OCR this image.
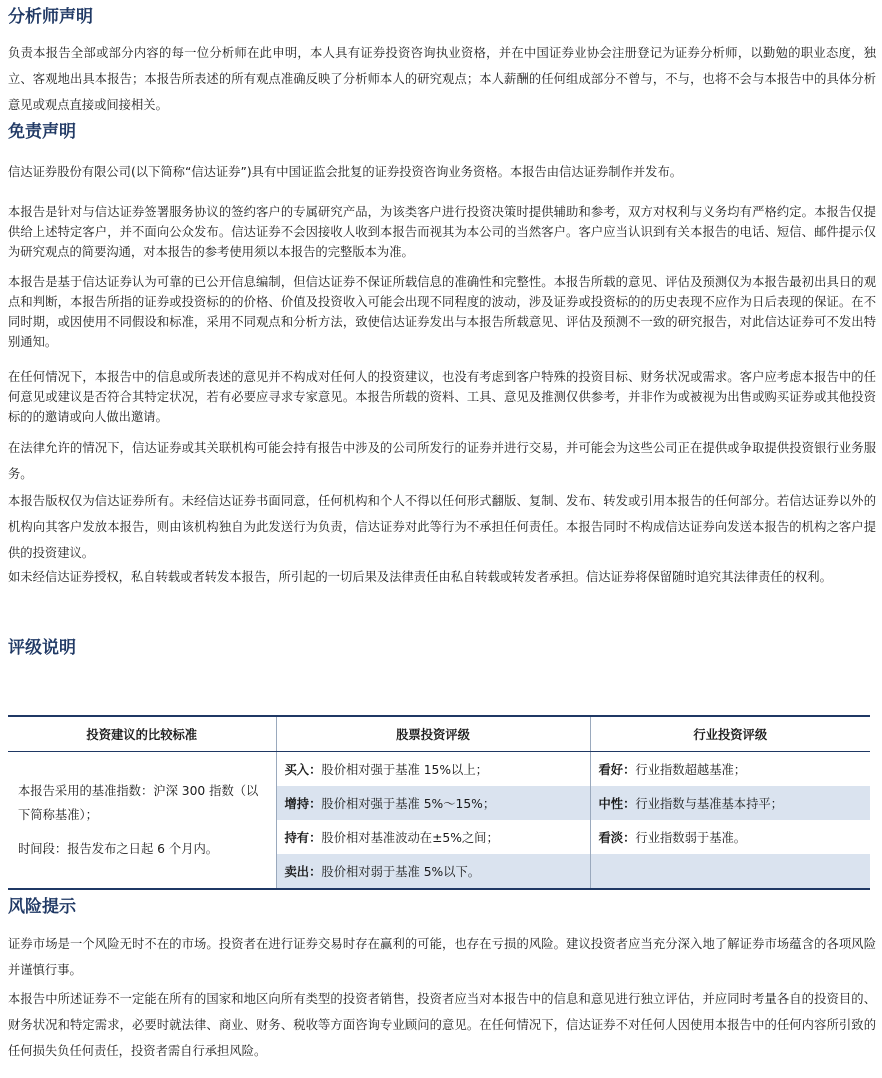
分析师声明

负责本报告全部或部分内容的每一位分析师在此申明，本人具有证券投资咨询执业资格，并在中国证券业协会注册登记为证券分析师，以勤勉的职业态度，独立、客观地出具本报告；本报告所表述的所有观点准确反映了分析师本人的研究观点；本人薪酬的任何组成部分不曾与，不与，也将不会与本报告中的具体分析意见或观点直接或间接相关。

免责声明

信达证券股份有限公司(以下简称“信达证券”)具有中国证监会批复的证券投资咨询业务资格。本报告由信达证券制作并发布。

本报告是针对与信达证券签署服务协议的签约客户的专属研究产品，为该类客户进行投资决策时提供辅助和参考，双方对权利与义务均有严格约定。本报告仅提供给上述特定客户，并不面向公众发布。信达证券不会因接收人收到本报告而视其为本公司的当然客户。客户应当认识到有关本报告的电话、短信、邮件提示仅为研究观点的简要沟通，对本报告的参考使用须以本报告的完整版本为准。

本报告是基于信达证券认为可靠的已公开信息编制，但信达证券不保证所载信息的准确性和完整性。本报告所载的意见、评估及预测仅为本报告最初出具日的观点和判断，本报告所指的证券或投资标的的价格、价值及投资收入可能会出现不同程度的波动，涉及证券或投资标的的历史表现不应作为日后表现的保证。在不同时期，或因使用不同假设和标准，采用不同观点和分析方法，致使信达证券发出与本报告所载意见、评估及预测不一致的研究报告，对此信达证券可不发出特别通知。

在任何情况下，本报告中的信息或所表述的意见并不构成对任何人的投资建议，也没有考虑到客户特殊的投资目标、财务状况或需求。客户应考虑本报告中的任何意见或建议是否符合其特定状况，若有必要应寻求专家意见。本报告所载的资料、工具、意见及推测仅供参考，并非作为或被视为出售或购买证券或其他投资标的的邀请或向人做出邀请。

在法律允许的情况下，信达证券或其关联机构可能会持有报告中涉及的公司所发行的证券并进行交易，并可能会为这些公司正在提供或争取提供投资银行业务服务。

本报告版权仅为信达证券所有。未经信达证券书面同意，任何机构和个人不得以任何形式翻版、复制、发布、转发或引用本报告的任何部分。若信达证券以外的机构向其客户发放本报告，则由该机构独自为此发送行为负责，信达证券对此等行为不承担任何责任。本报告同时不构成信达证券向发送本报告的机构之客户提供的投资建议。

如未经信达证券授权，私自转载或者转发本报告，所引起的一切后果及法律责任由私自转载或转发者承担。信达证券将保留随时追究其法律责任的权利。

评级说明
投资建议的比较标准	股票投资评级	行业投资评级

本报告采用的基准指数：沪深 300 指数（以下简称基准）；
时间段：报告发布之日起 6 个月内。	买入：股价相对强于基准 15%以上；	看好：行业指数超越基准；
	增持：股价相对强于基准 5%～15%；	中性：行业指数与基准基本持平；
	持有：股价相对基准波动在±5%之间；	看淡：行业指数弱于基准。
	卖出：股价相对弱于基准 5%以下。	
风险提示

证券市场是一个风险无时不在的市场。投资者在进行证券交易时存在赢利的可能，也存在亏损的风险。建议投资者应当充分深入地了解证券市场蕴含的各项风险并谨慎行事。

本报告中所述证券不一定能在所有的国家和地区向所有类型的投资者销售，投资者应当对本报告中的信息和意见进行独立评估，并应同时考量各自的投资目的、财务状况和特定需求，必要时就法律、商业、财务、税收等方面咨询专业顾问的意见。在任何情况下，信达证券不对任何人因使用本报告中的任何内容所引致的任何损失负任何责任，投资者需自行承担风险。
